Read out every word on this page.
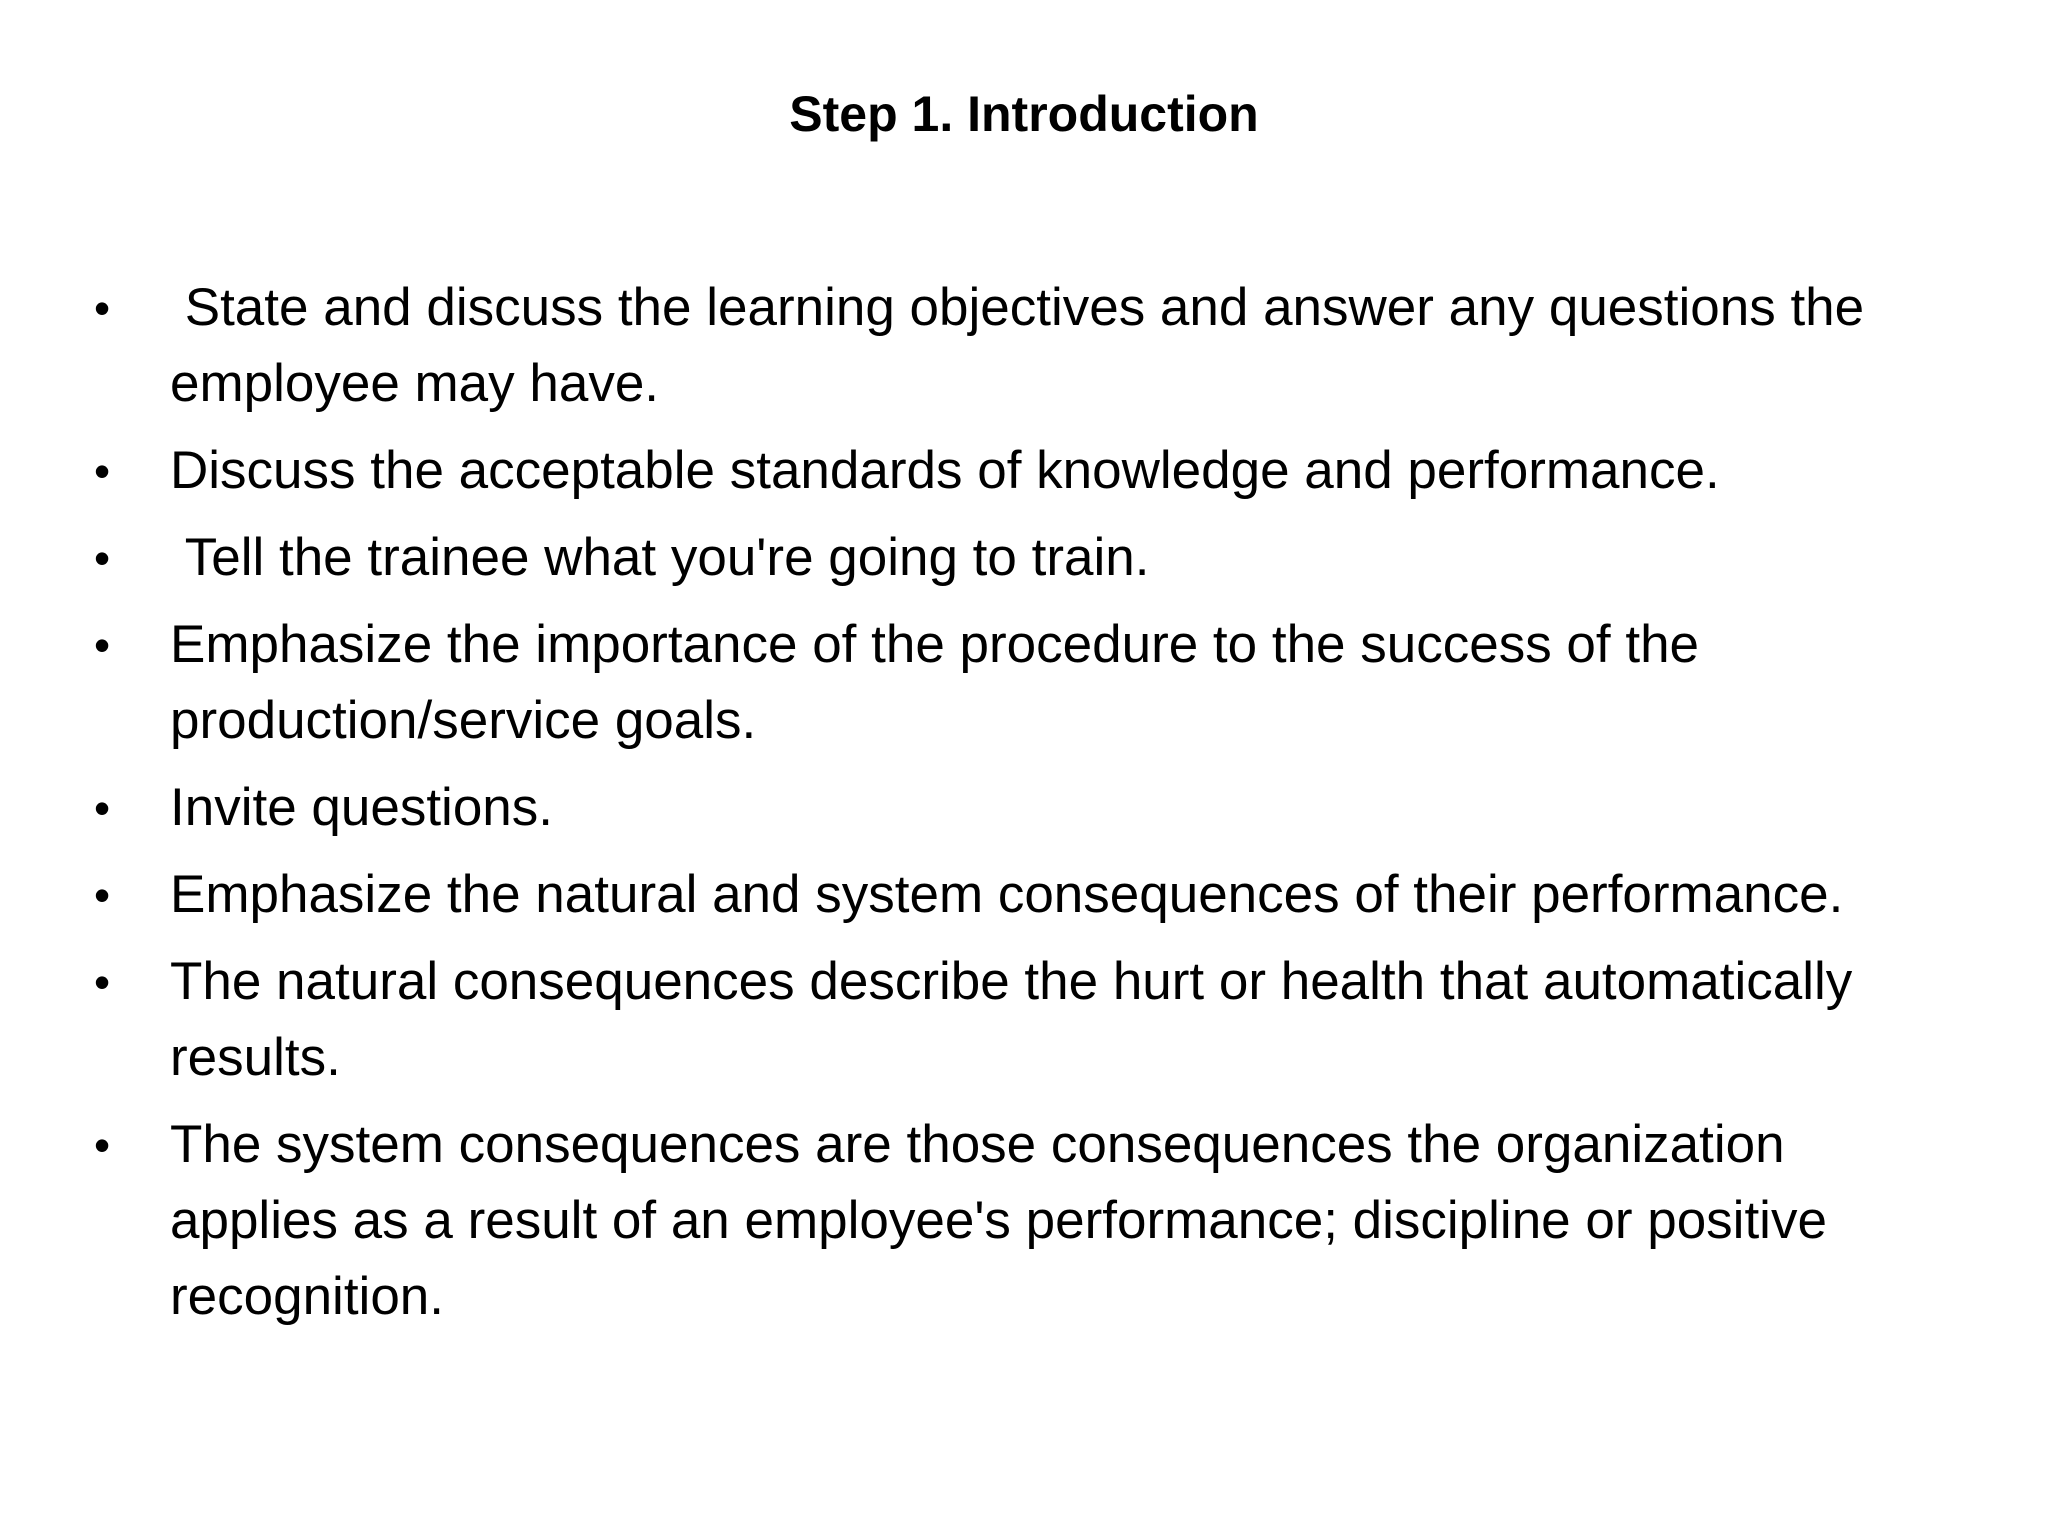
Step 1. Introduction
• State and discuss the learning objectives and answer any questions the employee may have.
• Discuss the acceptable standards of knowledge and performance.
• Tell the trainee what you're going to train.
• Emphasize the importance of the procedure to the success of the production/service goals.
• Invite questions.
• Emphasize the natural and system consequences of their performance.
• The natural consequences describe the hurt or health that automatically results.
• The system consequences are those consequences the organization applies as a result of an employee's performance; discipline or positive recognition.
